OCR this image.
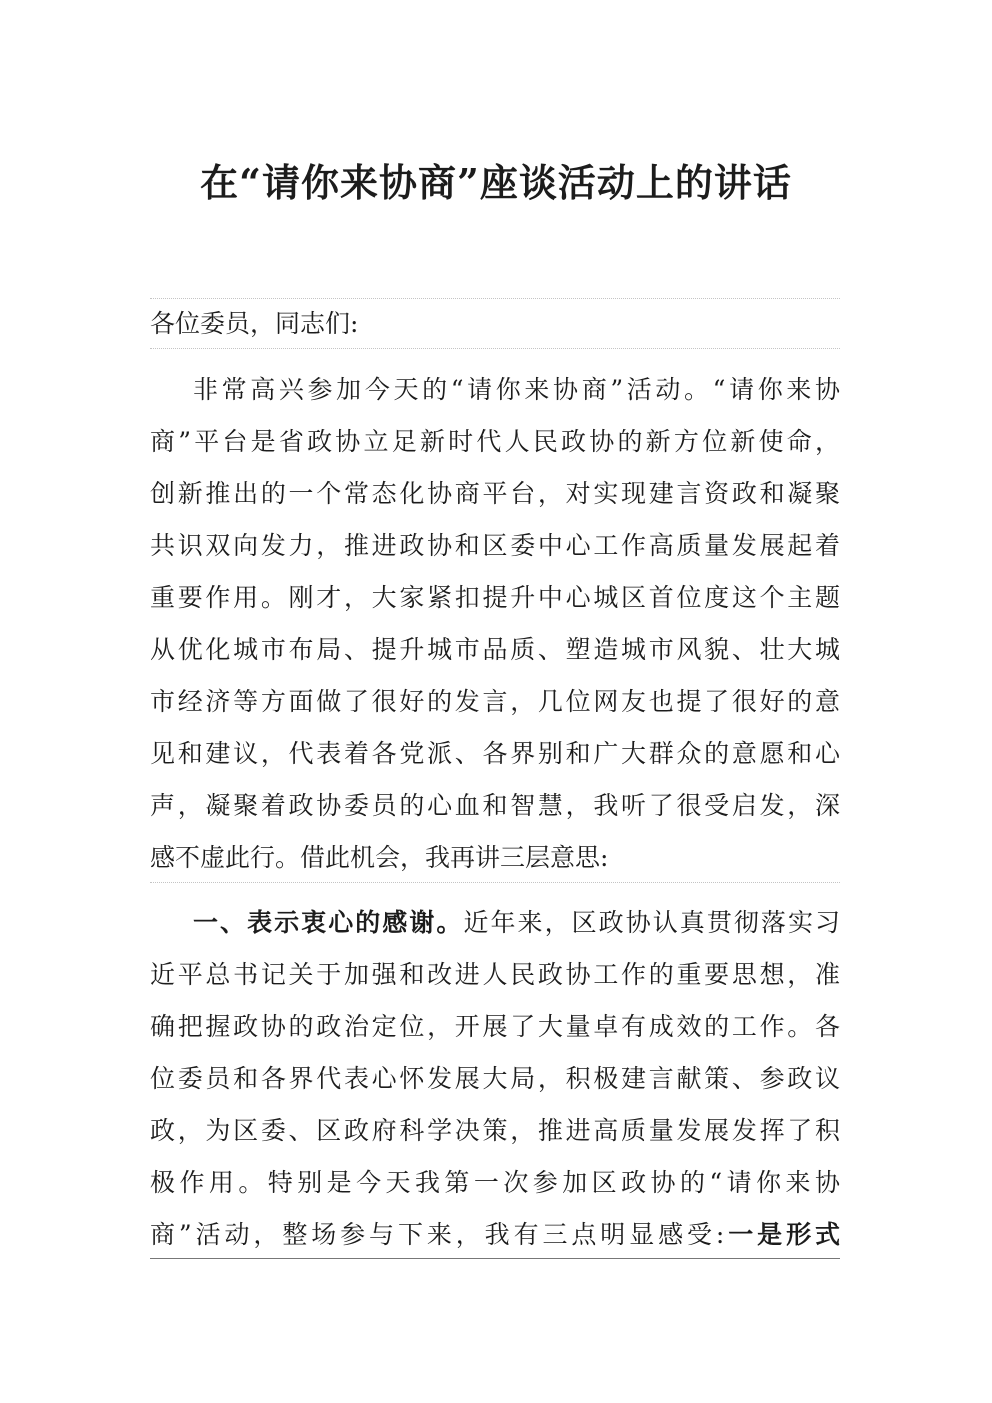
在“请你来协商”座谈活动上的讲话
各位委员，同志们:
非常高兴参加今天的“请你来协商”活动。“请你来协
商”平台是省政协立足新时代人民政协的新方位新使命，
创新推出的一个常态化协商平台，对实现建言资政和凝聚
共识双向发力，推进政协和区委中心工作高质量发展起着
重要作用。刚才，大家紧扣提升中心城区首位度这个主题
从优化城市布局、提升城市品质、塑造城市风貌、壮大城
市经济等方面做了很好的发言，几位网友也提了很好的意
见和建议，代表着各党派、各界别和广大群众的意愿和心
声，凝聚着政协委员的心血和智慧，我听了很受启发，深
感不虚此行。借此机会，我再讲三层意思:
一、表示衷心的感谢。近年来，区政协认真贯彻落实习
近平总书记关于加强和改进人民政协工作的重要思想，准
确把握政协的政治定位，开展了大量卓有成效的工作。各
位委员和各界代表心怀发展大局，积极建言献策、参政议
政，为区委、区政府科学决策，推进高质量发展发挥了积
极作用。特别是今天我第一次参加区政协的“请你来协
商”活动，整场参与下来，我有三点明显感受:一是形式
